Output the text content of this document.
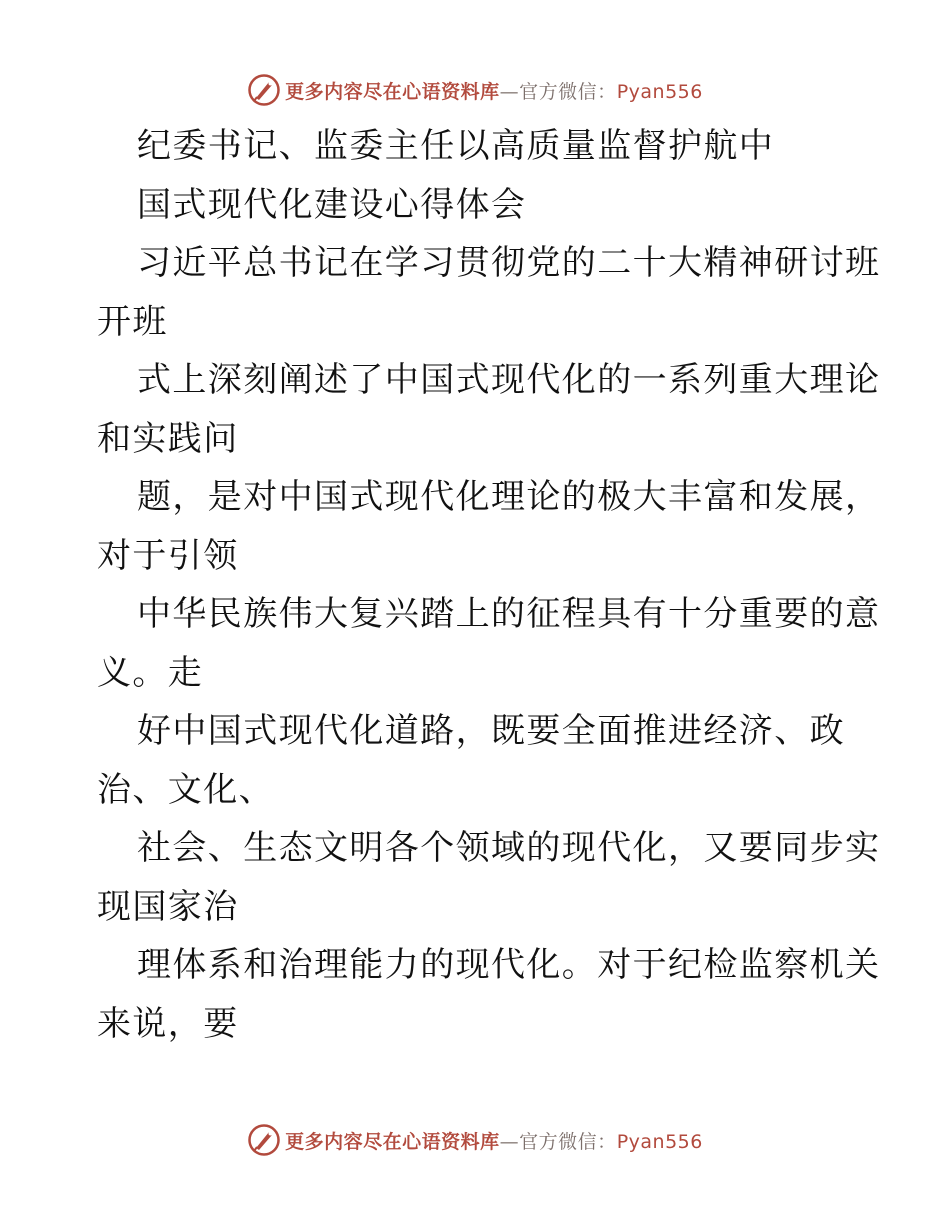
更多内容尽在心语资料库—官方微信：Pyan556
纪委书记、监委主任以高质量监督护航中
国式现代化建设心得体会
习近平总书记在学习贯彻党的二十大精神研讨班
开班
式上深刻阐述了中国式现代化的一系列重大理论
和实践问
题，是对中国式现代化理论的极大丰富和发展，
对于引领
中华民族伟大复兴踏上的征程具有十分重要的意
义。走
好中国式现代化道路，既要全面推进经济、政
治、文化、
社会、生态文明各个领域的现代化，又要同步实
现国家治
理体系和治理能力的现代化。对于纪检监察机关
来说，要
更多内容尽在心语资料库—官方微信：Pyan556
